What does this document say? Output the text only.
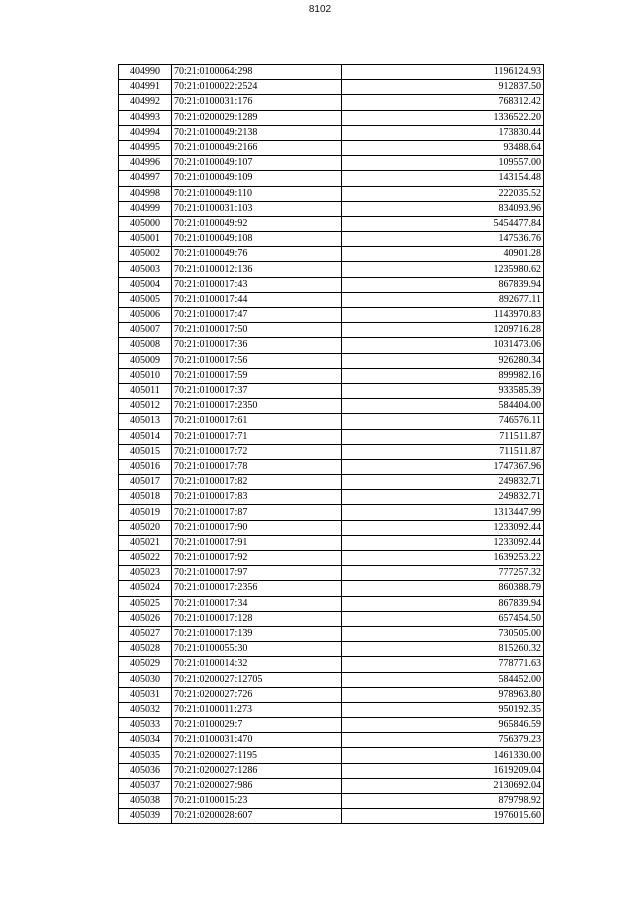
8102
404990	70:21:0100064:298	1196124.93
404991	70:21:0100022:2524	912837.50
404992	70:21:0100031:176	768312.42
404993	70:21:0200029:1289	1336522.20
404994	70:21:0100049:2138	173830.44
404995	70:21:0100049:2166	93488.64
404996	70:21:0100049:107	109557.00
404997	70:21:0100049:109	143154.48
404998	70:21:0100049:110	222035.52
404999	70:21:0100031:103	834093.96
405000	70:21:0100049:92	5454477.84
405001	70:21:0100049:108	147536.76
405002	70:21:0100049:76	40901.28
405003	70:21:0100012:136	1235980.62
405004	70:21:0100017:43	867839.94
405005	70:21:0100017:44	892677.11
405006	70:21:0100017:47	1143970.83
405007	70:21:0100017:50	1209716.28
405008	70:21:0100017:36	1031473.06
405009	70:21:0100017:56	926280.34
405010	70:21:0100017:59	899982.16
405011	70:21:0100017:37	933585.39
405012	70:21:0100017:2350	584404.00
405013	70:21:0100017:61	746576.11
405014	70:21:0100017:71	711511.87
405015	70:21:0100017:72	711511.87
405016	70:21:0100017:78	1747367.96
405017	70:21:0100017:82	249832.71
405018	70:21:0100017:83	249832.71
405019	70:21:0100017:87	1313447.99
405020	70:21:0100017:90	1233092.44
405021	70:21:0100017:91	1233092.44
405022	70:21:0100017:92	1639253.22
405023	70:21:0100017:97	777257.32
405024	70:21:0100017:2356	860388.79
405025	70:21:0100017:34	867839.94
405026	70:21:0100017:128	657454.50
405027	70:21:0100017:139	730505.00
405028	70:21:0100055:30	815260.32
405029	70:21:0100014:32	778771.63
405030	70:21:0200027:12705	584452.00
405031	70:21:0200027:726	978963.80
405032	70:21:0100011:273	950192.35
405033	70:21:0100029:7	965846.59
405034	70:21:0100031:470	756379.23
405035	70:21:0200027:1195	1461330.00
405036	70:21:0200027:1286	1619209.04
405037	70:21:0200027:986	2130692.04
405038	70:21:0100015:23	879798.92
405039	70:21:0200028:607	1976015.60
